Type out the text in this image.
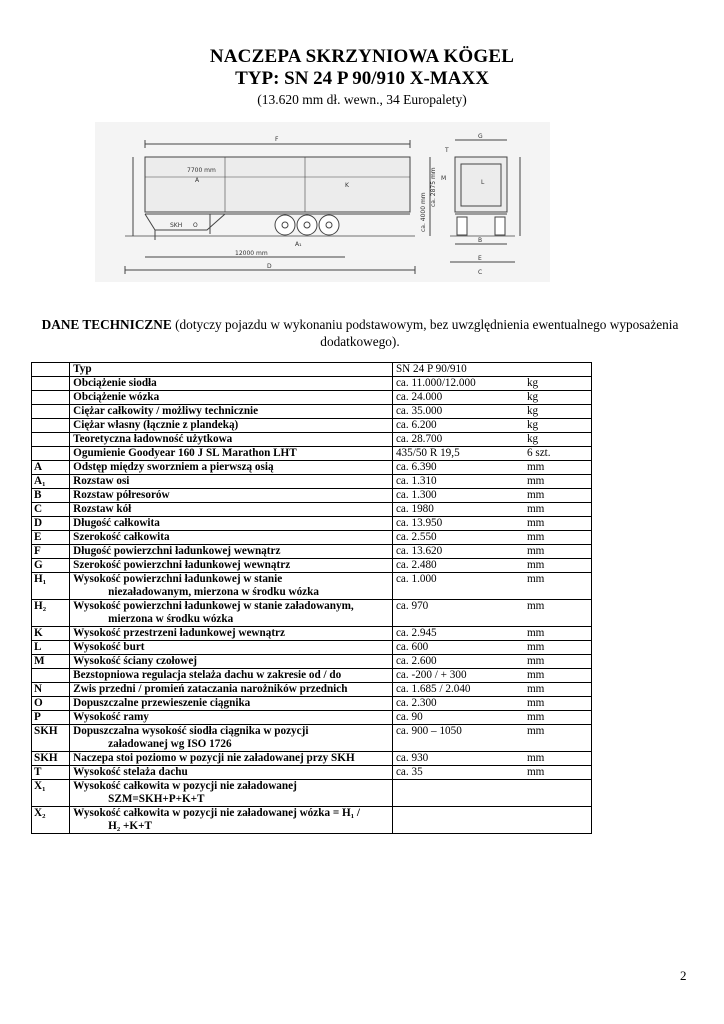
NACZEPA SKRZYNIOWA KÖGEL
TYP: SN 24 P 90/910 X-MAXX
(13.620 mm dł. wewn., 34 Europalety)
F
A
7700 mm
K
SKH O
A₁
12000 mm
D
G
T
M
L
B
E
C
ca. 2875 mm
ca. 4000 mm
DANE TECHNICZNE (dotyczy pojazdu w wykonaniu podstawowym, bez uwzględnienia ewentualnego wyposażenia dodatkowego).
	Typ	SN 24 P 90/910
	Obciążenie siodła	ca. 11.000/12.000 kg
	Obciążenie wózka	ca. 24.000 kg
	Ciężar całkowity / możliwy technicznie	ca. 35.000 kg
	Ciężar własny (łącznie z plandeką)	ca. 6.200 kg
	Teoretyczna ładowność użytkowa	ca. 28.700 kg
	Ogumienie Goodyear 160 J SL Marathon LHT	435/50 R 19,5 6 szt.
A	Odstęp między sworzniem a pierwszą osią	ca. 6.390 mm
A₁	Rozstaw osi	ca. 1.310 mm
B	Rozstaw półresorów	ca. 1.300 mm
C	Rozstaw kół	ca. 1980 mm
D	Długość całkowita	ca. 13.950 mm
E	Szerokość całkowita	ca. 2.550 mm
F	Długość powierzchni ładunkowej wewnątrz	ca. 13.620 mm
G	Szerokość powierzchni ładunkowej wewnątrz	ca. 2.480 mm
H₁	Wysokość powierzchni ładunkowej w stanie
niezaładowanym, mierzona w środku wózka	ca. 1.000 mm
H₂	Wysokość powierzchni ładunkowej w stanie załadowanym,
mierzona w środku wózka	ca. 970 mm
K	Wysokość przestrzeni ładunkowej wewnątrz	ca. 2.945 mm
L	Wysokość burt	ca. 600 mm
M	Wysokość ściany czołowej	ca. 2.600 mm
	Bezstopniowa regulacja stelaża dachu w zakresie od / do	ca. -200 / + 300 mm
N	Zwis przedni / promień zataczania narożników przednich	ca. 1.685 / 2.040 mm
O	Dopuszczalne przewieszenie ciągnika	ca. 2.300 mm
P	Wysokość ramy	ca. 90 mm
SKH	Dopuszczalna wysokość siodła ciągnika w pozycji
załadowanej wg ISO 1726	ca. 900 – 1050 mm
SKH	Naczepa stoi poziomo w pozycji nie załadowanej przy SKH	ca. 930 mm
T	Wysokość stelaża dachu	ca. 35 mm
X₁	Wysokość całkowita w pozycji nie załadowanej
SZM=SKH+P+K+T	

X₂	Wysokość całkowita w pozycji nie załadowanej wózka = H₁ /
H₂ +K+T	

2
